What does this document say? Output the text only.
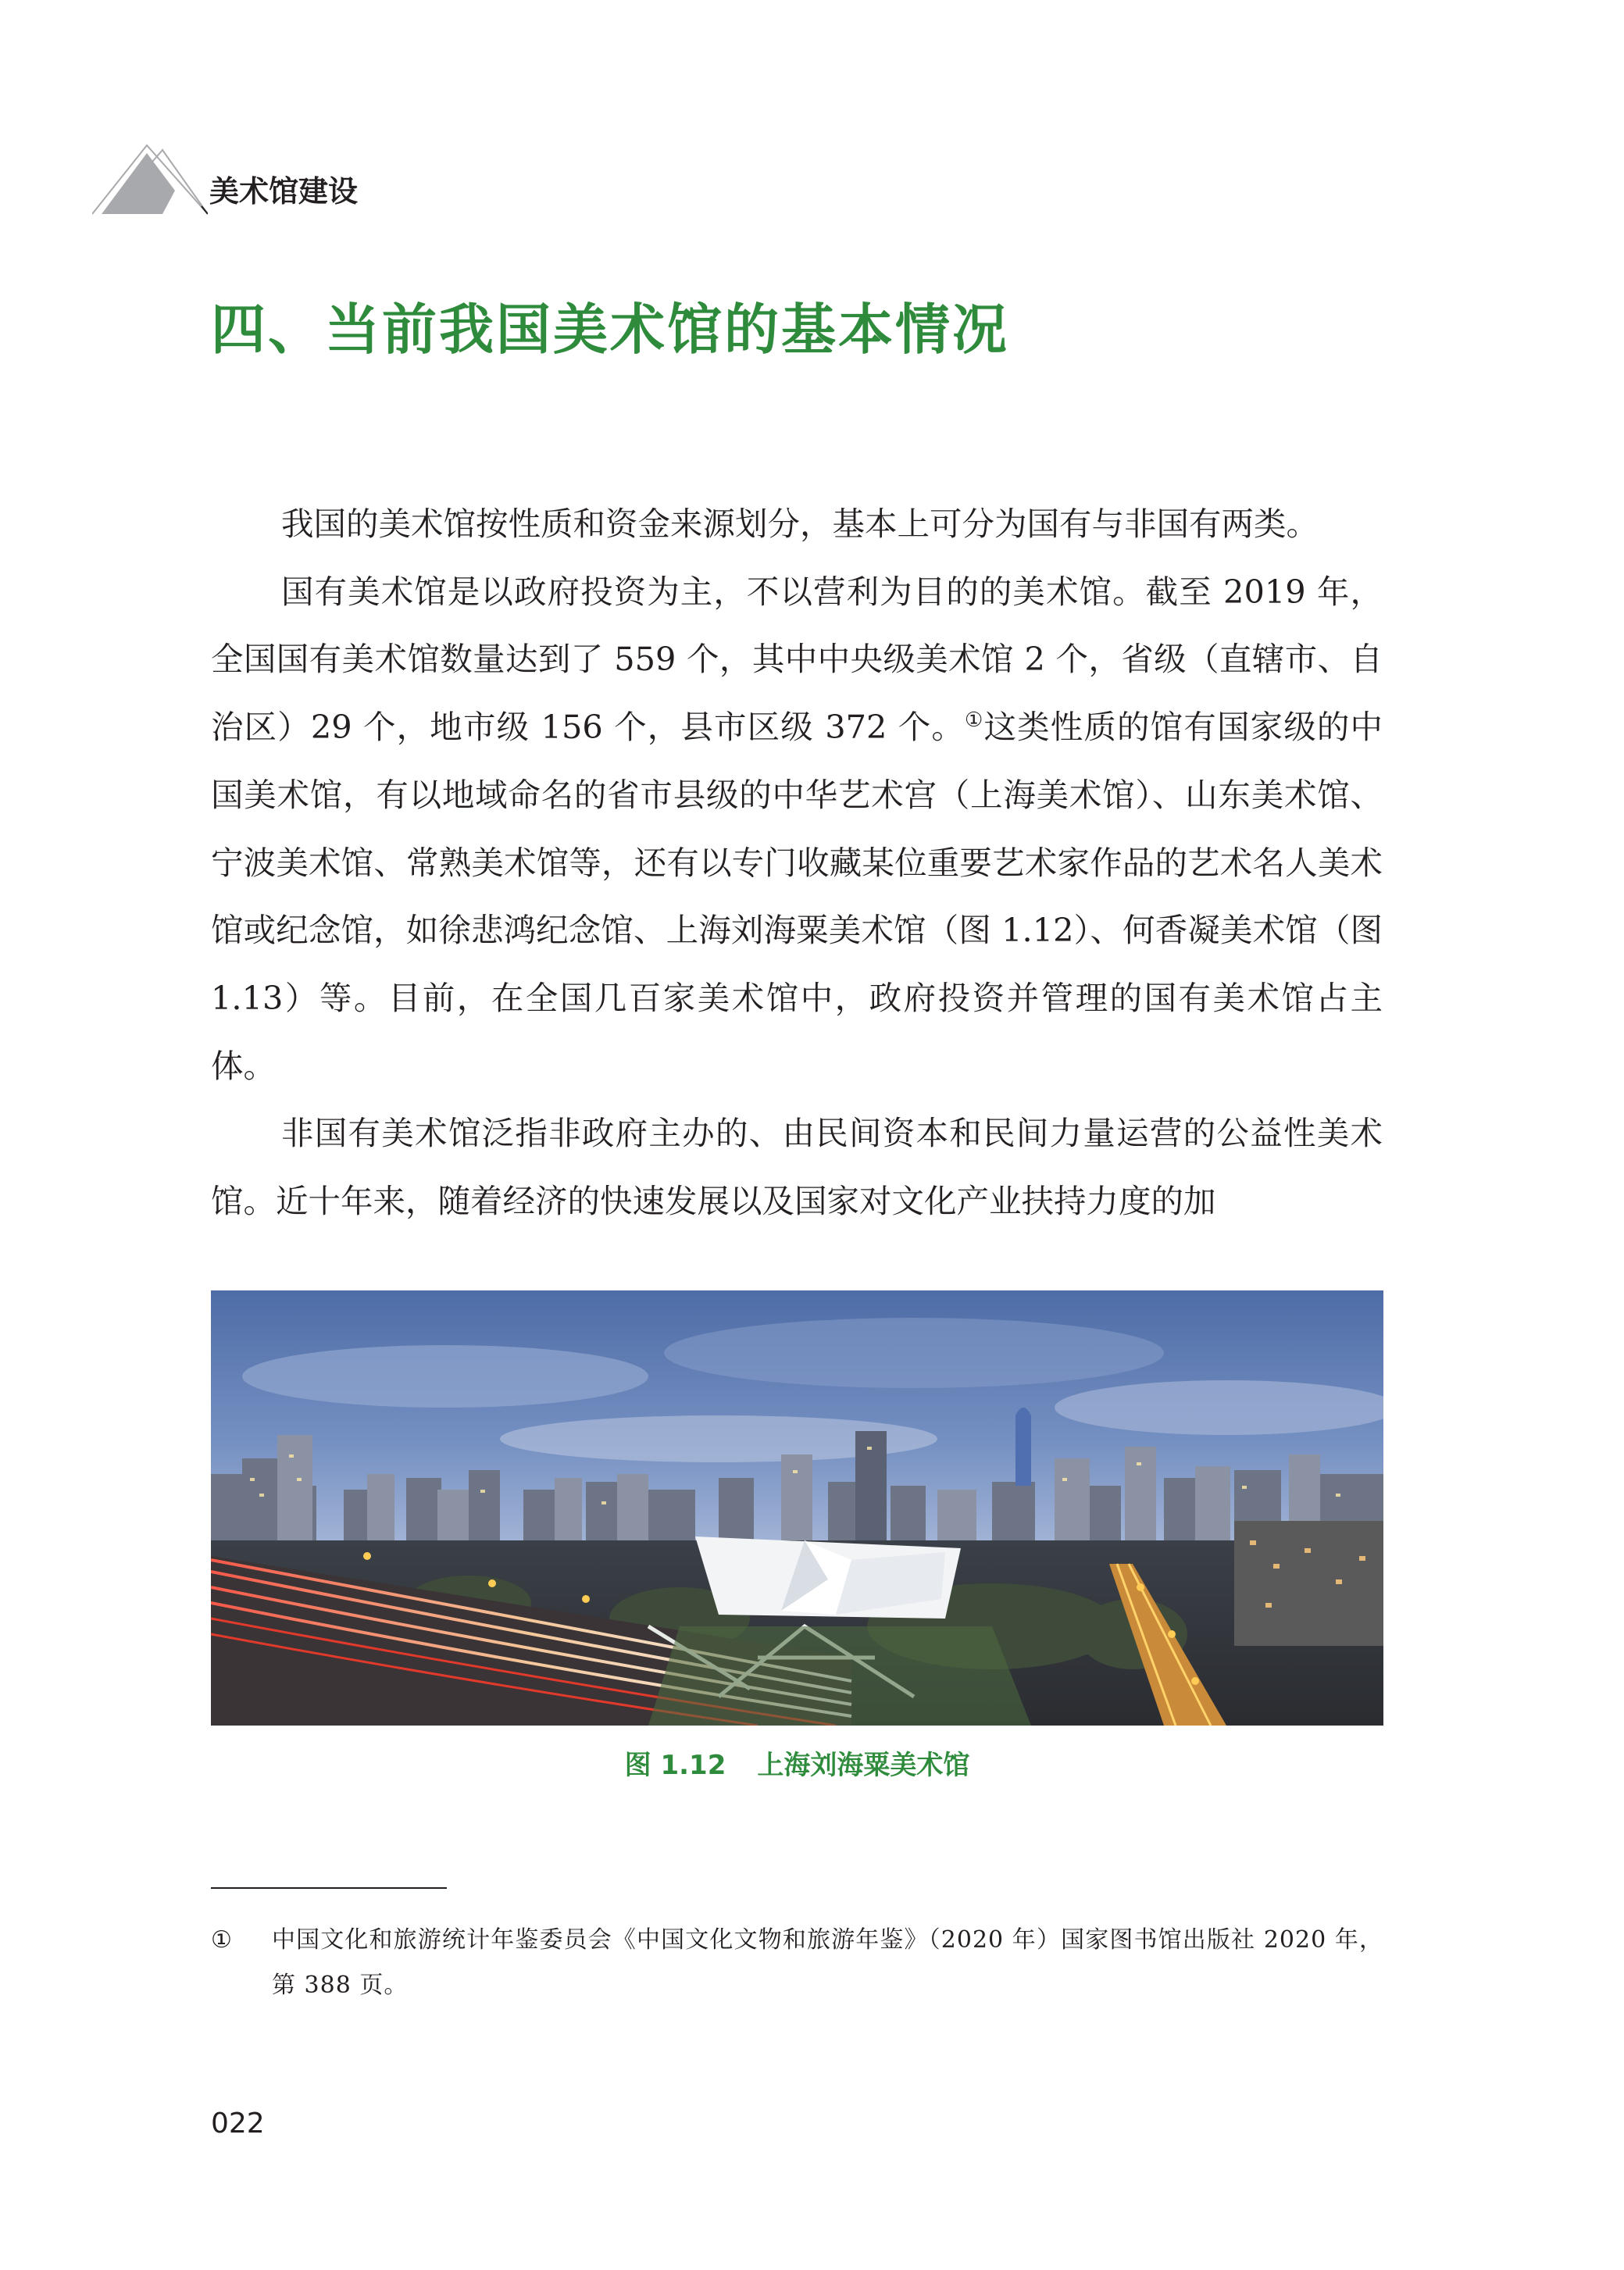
美术馆建设
四、当前我国美术馆的基本情况

我国的美术馆按性质和资金来源划分，基本上可分为国有与非国有两类。

国有美术馆是以政府投资为主，不以营利为目的的美术馆。截至 2019 年，全国国有美术馆数量达到了 559 个，其中中央级美术馆 2 个，省级（直辖市、自治区）29 个，地市级 156 个，县市区级 372 个。①这类性质的馆有国家级的中国美术馆，有以地域命名的省市县级的中华艺术宫（上海美术馆）、山东美术馆、宁波美术馆、常熟美术馆等，还有以专门收藏某位重要艺术家作品的艺术名人美术馆或纪念馆，如徐悲鸿纪念馆、上海刘海粟美术馆（图 1.12）、何香凝美术馆（图 1.13）等。目前，在全国几百家美术馆中，政府投资并管理的国有美术馆占主体。

非国有美术馆泛指非政府主办的、由民间资本和民间力量运营的公益性美术馆。近十年来，随着经济的快速发展以及国家对文化产业扶持力度的加

图 1.12 上海刘海粟美术馆
① 中国文化和旅游统计年鉴委员会《中国文化文物和旅游年鉴》（2020 年）国家图书馆出版社 2020 年，第 388 页。
022
